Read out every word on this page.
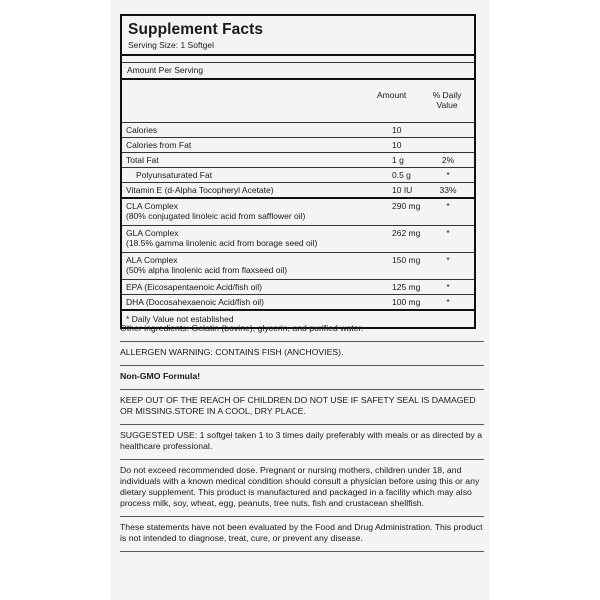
Supplement Facts
Serving Size: 1 Softgel
Amount Per Serving
Amount	% Daily Value
Calories	10
Calories from Fat	10
Total Fat	1 g	2%
Polyunsaturated Fat	0.5 g	*
Vitamin E (d-Alpha Tocopheryl Acetate)	10 IU	33%
CLA Complex
(80% conjugated linoleic acid from safflower oil)
290 mg	*
GLA Complex
(18.5% gamma linolenic acid from borage seed oil)
262 mg	*
ALA Complex
(50% alpha linolenic acid from flaxseed oil)
150 mg	*
EPA (Eicosapentaenoic Acid/fish oil)	125 mg	*
DHA (Docosahexaenoic Acid/fish oil)	100 mg	*
* Daily Value not established
Other ingredients: Gelatin (bovine), glycerin, and purified water.
ALLERGEN WARNING: CONTAINS FISH (ANCHOVIES).
Non-GMO Formula!
KEEP OUT OF THE REACH OF CHILDREN.DO NOT USE IF SAFETY SEAL IS DAMAGED OR MISSING.STORE IN A COOL, DRY PLACE.
SUGGESTED USE: 1 softgel taken 1 to 3 times daily preferably with meals or as directed by a healthcare professional.
Do not exceed recommended dose. Pregnant or nursing mothers, children under 18, and individuals with a known medical condition should consult a physician before using this or any dietary supplement. This product is manufactured and packaged in a facility which may also process milk, soy, wheat, egg, peanuts, tree nuts, fish and crustacean shellfish.
These statements have not been evaluated by the Food and Drug Administration. This product is not intended to diagnose, treat, cure, or prevent any disease.
